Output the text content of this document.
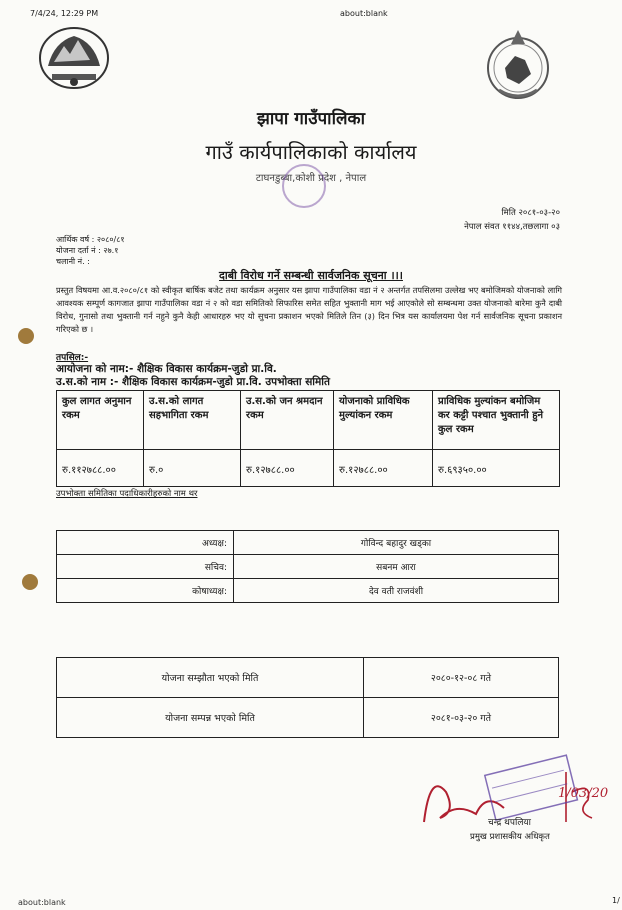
7/4/24, 12:29 PM	about:blank
about:blank	1/
झापा गाउँपालिका
गाउँ कार्यपालिकाको कार्यालय
टाघनडुब्बा,कोशी प्रदेश , नेपाल
मिति २०८१-०३-२०
नेपाल संवत ११४४,तछलागा ०३
आर्थिक वर्ष : २०८०/८१
योजना दर्ता नं : २७.१
चलानी नं. :
दाबी विरोध गर्ने सम्बन्धी सार्वजनिक सूचना ।।।
प्रस्तुत विषयमा आ.व.२०८०/८१ को स्वीकृत बार्षिक बजेट तथा कार्यक्रम अनुसार यस झापा गाउँपालिका वडा नं २ अन्तर्गत तपसिलमा उल्लेख भए बमोजिमको योजनाको लागि आवश्यक सम्पूर्ण कागजात झापा गाउँपालिका वडा नं २ को वडा समितिको सिफारिस समेत सहित भुक्तानी माग भई आएकोले सो सम्बन्धमा उक्त योजनाको बारेमा कुनै दाबी विरोध, गुनासो तथा भुक्तानी गर्न नहुने कुनै केही आधारहरु भए यो सुचना प्रकाशन भएको मितिले तिन (३) दिन भित्र यस कार्यालयमा पेश गर्न सार्वजनिक सूचना प्रकाशन गरिएको छ ।
तपसिल:-
आयोजना को नाम:- शैक्षिक विकास कार्यक्रम-जुडो प्रा.वि.
उ.स.को नाम :- शैक्षिक विकास कार्यक्रम-जुडो प्रा.वि. उपभोक्ता समिति
कुल लागत अनुमान रकम	उ.स.को लागत सहभागिता रकम	उ.स.को जन श्रमदान रकम	योजनाको प्राविधिक मुल्यांकन रकम	प्राविधिक मुल्यांकन बमोजिम कर कट्टी पश्चात भुक्तानी हुने कुल रकम
रु.११२७८८.००	रु.०	रु.१२७८८.००	रु.१२७८८.००	रु.६९३५०.००
उपभोक्ता समितिका पदाधिकारीहरुको नाम थर
अध्यक्ष:	गोविन्द बहादुर खड्का
सचिव:	सबनम आरा
कोषाध्यक्ष:	देव वती राजवंशी
योजना सम्झौता भएको मिति	२०८०-१२-०८ गते
योजना सम्पन्न भएको मिति	२०८१-०३-२० गते
1/03/20
चन्द्र थपलिया
प्रमुख प्रशासकीय अधिकृत
